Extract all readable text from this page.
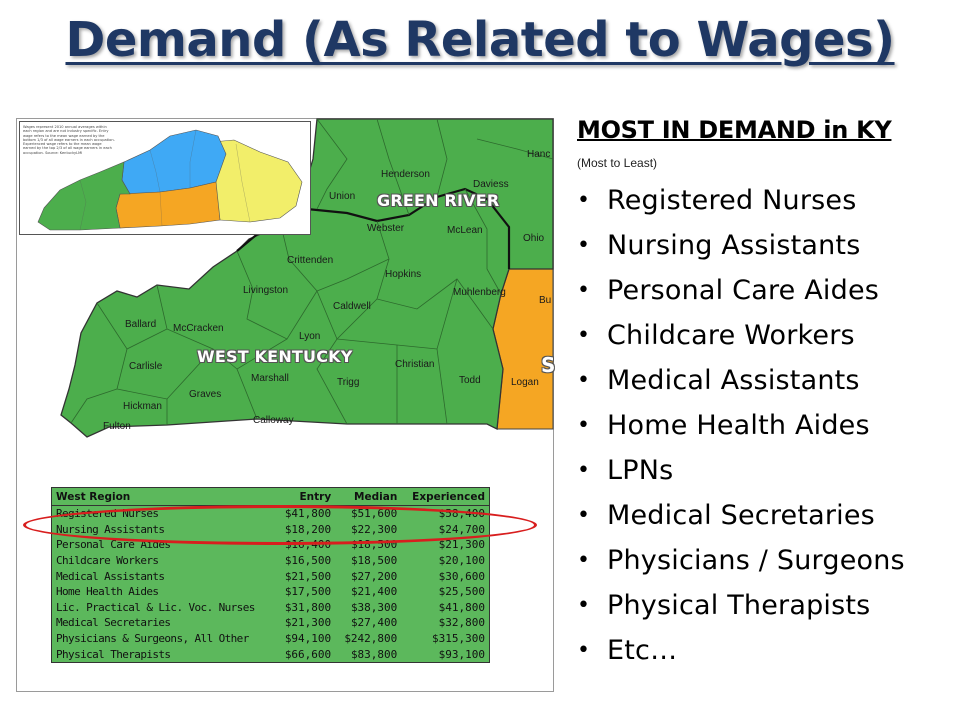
Demand (As Related to Wages)
GREEN RIVER
WEST KENTUCKY
Henderson
Daviess
Hanc
Union
Webster	McLean
Ohio
Crittenden
Hopkins
Livingston
Caldwell
Muhlenberg
Bu
Ballard McCracken
Lyon
Carlisle
Marshall	Trigg
Christian
Todd	Logan
Hickman
Graves
Fulton
Calloway
S
Wages represent 2010 annual averages within each region and are not industry specific. Entry wage refers to the mean wage earned by the bottom 1/3 of all wage earners in each occupation. Experienced wage refers to the mean wage earned by the top 2/3 of all wage earners in each occupation. Source: KentuckyLMI
West Region	Entry	Median	Experienced
Registered Nurses	$41,800	$51,600	$58,400
Nursing Assistants	$18,200	$22,300	$24,700
Personal Care Aides	$16,400	$18,500	$21,300
Childcare Workers	$16,500	$18,500	$20,100
Medical Assistants	$21,500	$27,200	$30,600
Home Health Aides	$17,500	$21,400	$25,500
Lic. Practical & Lic. Voc. Nurses	$31,800	$38,300	$41,800
Medical Secretaries	$21,300	$27,400	$32,800
Physicians & Surgeons, All Other	$94,100	$242,800	$315,300
Physical Therapists	$66,600	$83,800	$93,100
MOST IN DEMAND in KY
(Most to Least)
• Registered Nurses
• Nursing Assistants
• Personal Care Aides
• Childcare Workers
• Medical Assistants
• Home Health Aides
• LPNs
• Medical Secretaries
• Physicians / Surgeons
• Physical Therapists
• Etc…
